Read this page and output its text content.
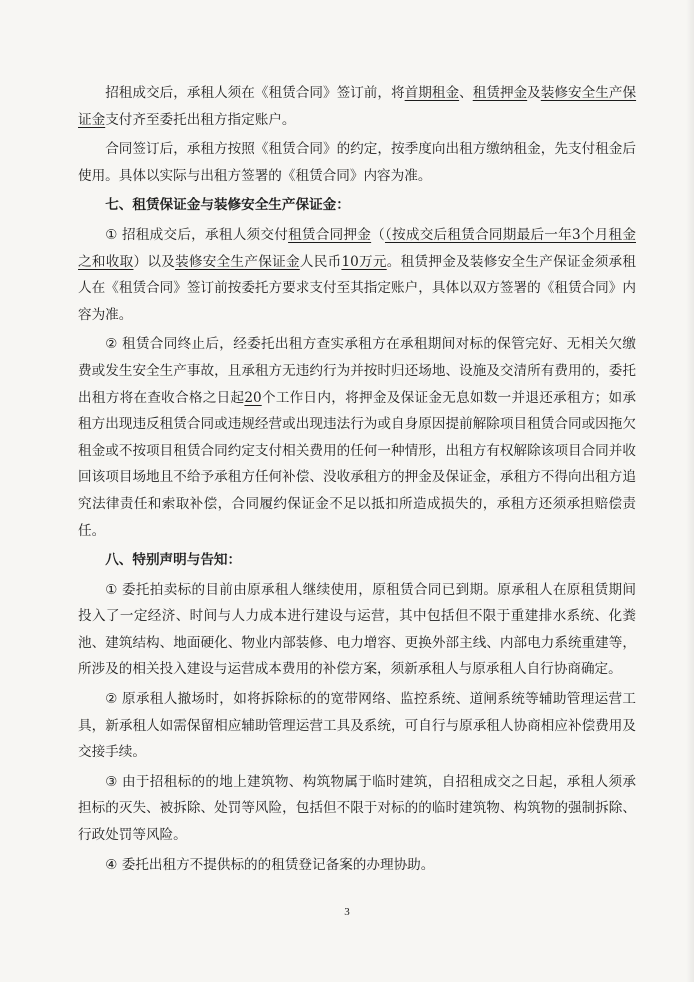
招租成交后，承租人须在《租赁合同》签订前，将首期租金、租赁押金及装修安全生产保证金支付齐至委托出租方指定账户。

合同签订后，承租方按照《租赁合同》的约定，按季度向出租方缴纳租金，先支付租金后使用。具体以实际与出租方签署的《租赁合同》内容为准。

七、租赁保证金与装修安全生产保证金：

① 招租成交后，承租人须交付租赁合同押金（（按成交后租赁合同期最后一年3个月租金之和收取）以及装修安全生产保证金人民币10万元。租赁押金及装修安全生产保证金须承租人在《租赁合同》签订前按委托方要求支付至其指定账户，具体以双方签署的《租赁合同》内容为准。

② 租赁合同终止后，经委托出租方查实承租方在承租期间对标的保管完好、无相关欠缴费或发生安全生产事故，且承租方无违约行为并按时归还场地、设施及交清所有费用的，委托出租方将在查收合格之日起20个工作日内，将押金及保证金无息如数一并退还承租方；如承租方出现违反租赁合同或违规经营或出现违法行为或自身原因提前解除项目租赁合同或因拖欠租金或不按项目租赁合同约定支付相关费用的任何一种情形，出租方有权解除该项目合同并收回该项目场地且不给予承租方任何补偿、没收承租方的押金及保证金，承租方不得向出租方追究法律责任和索取补偿，合同履约保证金不足以抵扣所造成损失的，承租方还须承担赔偿责任。

八、特别声明与告知：

① 委托拍卖标的目前由原承租人继续使用，原租赁合同已到期。原承租人在原租赁期间投入了一定经济、时间与人力成本进行建设与运营，其中包括但不限于重建排水系统、化粪池、建筑结构、地面硬化、物业内部装修、电力增容、更换外部主线、内部电力系统重建等，所涉及的相关投入建设与运营成本费用的补偿方案，须新承租人与原承租人自行协商确定。

② 原承租人撤场时，如将拆除标的的宽带网络、监控系统、道闸系统等辅助管理运营工具，新承租人如需保留相应辅助管理运营工具及系统，可自行与原承租人协商相应补偿费用及交接手续。

③ 由于招租标的的地上建筑物、构筑物属于临时建筑，自招租成交之日起，承租人须承担标的灭失、被拆除、处罚等风险，包括但不限于对标的的临时建筑物、构筑物的强制拆除、行政处罚等风险。

④ 委托出租方不提供标的的租赁登记备案的办理协助。

3
